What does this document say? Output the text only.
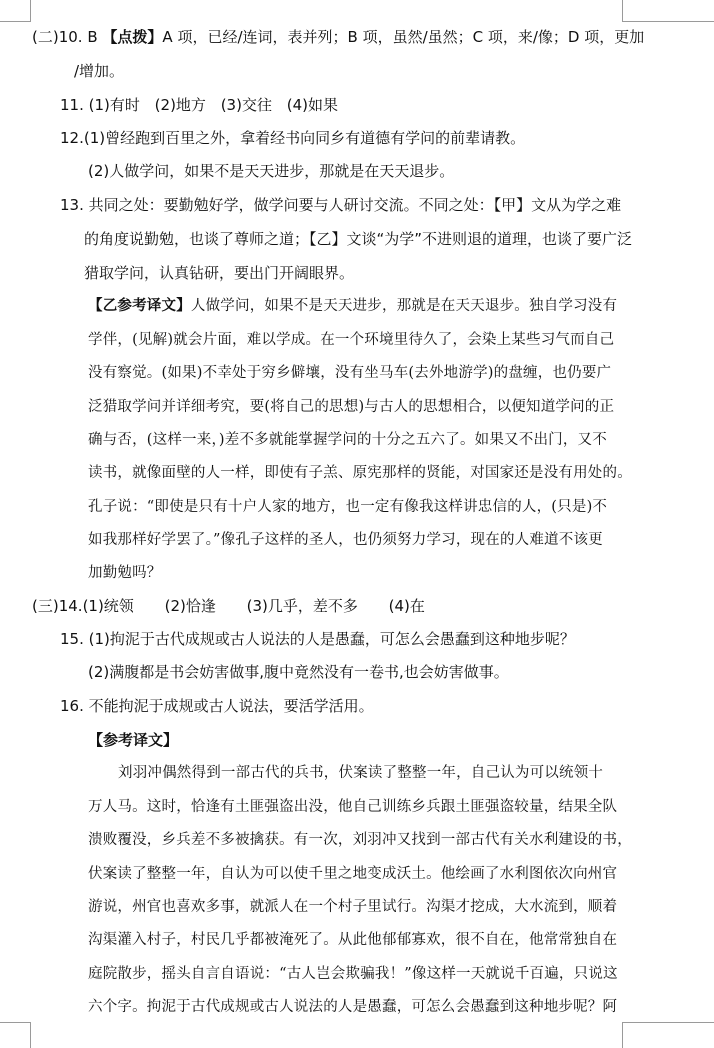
(二)10. B 【点拨】A 项，已经/连词，表并列；B 项，虽然/虽然；C 项，来/像；D 项，更加
/增加。
11. (1)有时 (2)地方 (3)交往 (4)如果
12.(1)曾经跑到百里之外，拿着经书向同乡有道德有学问的前辈请教。
(2)人做学问，如果不是天天进步，那就是在天天退步。
13. 共同之处：要勤勉好学，做学问要与人研讨交流。不同之处：【甲】文从为学之难
的角度说勤勉，也谈了尊师之道；【乙】文谈“为学”不进则退的道理，也谈了要广泛
猎取学问，认真钻研，要出门开阔眼界。
【乙参考译文】人做学问，如果不是天天进步，那就是在天天退步。独自学习没有
学伴，(见解)就会片面，难以学成。在一个环境里待久了，会染上某些习气而自己
没有察觉。(如果)不幸处于穷乡僻壤，没有坐马车(去外地游学)的盘缠，也仍要广
泛猎取学问并详细考究，要(将自己的思想)与古人的思想相合，以便知道学问的正
确与否，(这样一来，)差不多就能掌握学问的十分之五六了。如果又不出门，又不
读书，就像面壁的人一样，即使有子羔、原宪那样的贤能，对国家还是没有用处的。
孔子说：“即使是只有十户人家的地方，也一定有像我这样讲忠信的人，(只是)不
如我那样好学罢了。”像孔子这样的圣人，也仍须努力学习，现在的人难道不该更
加勤勉吗？
(三)14.(1)统领 (2)恰逢 (3)几乎，差不多 (4)在
15. (1)拘泥于古代成规或古人说法的人是愚蠢，可怎么会愚蠢到这种地步呢？
(2)满腹都是书会妨害做事,腹中竟然没有一卷书,也会妨害做事。
16. 不能拘泥于成规或古人说法，要活学活用。
【参考译文】
刘羽冲偶然得到一部古代的兵书，伏案读了整整一年，自己认为可以统领十
万人马。这时，恰逢有土匪强盗出没，他自己训练乡兵跟土匪强盗较量，结果全队
溃败覆没，乡兵差不多被擒获。有一次，刘羽冲又找到一部古代有关水利建设的书，
伏案读了整整一年，自认为可以使千里之地变成沃土。他绘画了水利图依次向州官
游说，州官也喜欢多事，就派人在一个村子里试行。沟渠才挖成，大水流到，顺着
沟渠灌入村子，村民几乎都被淹死了。从此他郁郁寡欢，很不自在，他常常独自在
庭院散步，摇头自言自语说：“古人岂会欺骗我！”像这样一天就说千百遍，只说这
六个字。拘泥于古代成规或古人说法的人是愚蠢，可怎么会愚蠢到这种地步呢？阿
